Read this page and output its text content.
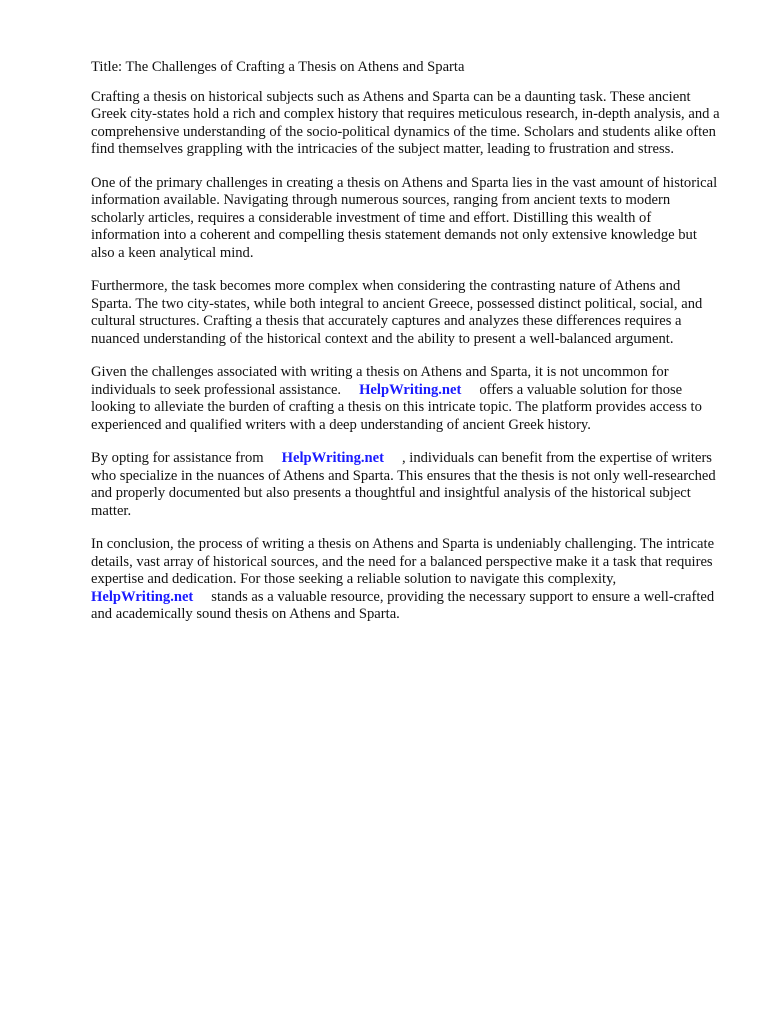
Title: The Challenges of Crafting a Thesis on Athens and Sparta

Crafting a thesis on historical subjects such as Athens and Sparta can be a daunting task. These ancient Greek city-states hold a rich and complex history that requires meticulous research, in-depth analysis, and a comprehensive understanding of the socio-political dynamics of the time. Scholars and students alike often find themselves grappling with the intricacies of the subject matter, leading to frustration and stress.

One of the primary challenges in creating a thesis on Athens and Sparta lies in the vast amount of historical information available. Navigating through numerous sources, ranging from ancient texts to modern scholarly articles, requires a considerable investment of time and effort. Distilling this wealth of information into a coherent and compelling thesis statement demands not only extensive knowledge but also a keen analytical mind.

Furthermore, the task becomes more complex when considering the contrasting nature of Athens and Sparta. The two city-states, while both integral to ancient Greece, possessed distinct political, social, and cultural structures. Crafting a thesis that accurately captures and analyzes these differences requires a nuanced understanding of the historical context and the ability to present a well-balanced argument.

Given the challenges associated with writing a thesis on Athens and Sparta, it is not uncommon for individuals to seek professional assistance. HelpWriting.net offers a valuable solution for those looking to alleviate the burden of crafting a thesis on this intricate topic. The platform provides access to experienced and qualified writers with a deep understanding of ancient Greek history.

By opting for assistance from HelpWriting.net , individuals can benefit from the expertise of writers who specialize in the nuances of Athens and Sparta. This ensures that the thesis is not only well-researched and properly documented but also presents a thoughtful and insightful analysis of the historical subject matter.

In conclusion, the process of writing a thesis on Athens and Sparta is undeniably challenging. The intricate details, vast array of historical sources, and the need for a balanced perspective make it a task that requires expertise and dedication. For those seeking a reliable solution to navigate this complexity,HelpWriting.net stands as a valuable resource, providing the necessary support to ensure a well-crafted and academically sound thesis on Athens and Sparta.
